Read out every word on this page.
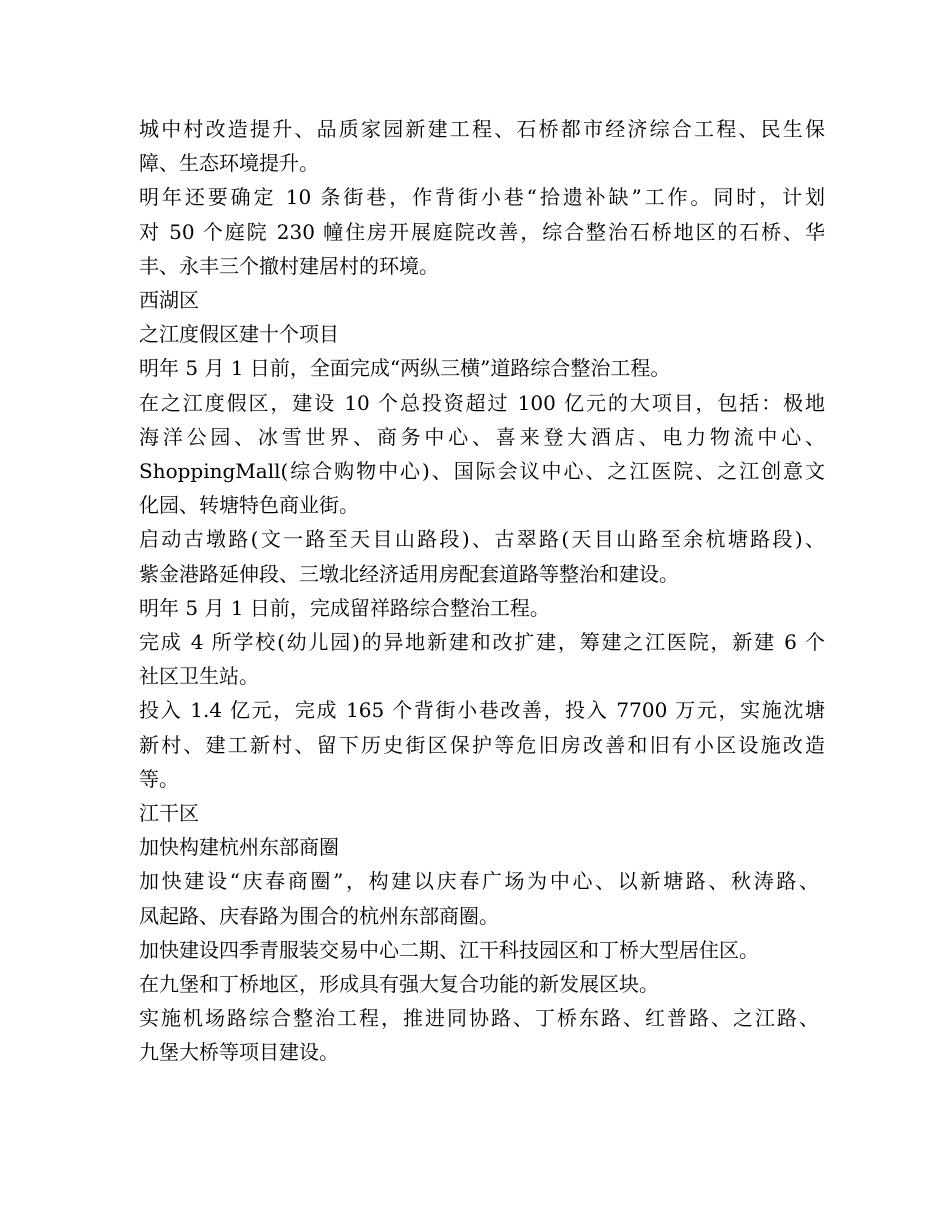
城中村改造提升、品质家园新建工程、石桥都市经济综合工程、民生保
障、生态环境提升。
明年还要确定 10 条街巷，作背街小巷“拾遗补缺”工作。同时，计划
对 50 个庭院 230 幢住房开展庭院改善，综合整治石桥地区的石桥、华
丰、永丰三个撤村建居村的环境。
西湖区
之江度假区建十个项目
明年 5 月 1 日前，全面完成“两纵三横”道路综合整治工程。
在之江度假区，建设 10 个总投资超过 100 亿元的大项目，包括：极地
海洋公园、冰雪世界、商务中心、喜来登大酒店、电力物流中心、
ShoppingMall(综合购物中心)、国际会议中心、之江医院、之江创意文
化园、转塘特色商业街。
启动古墩路(文一路至天目山路段)、古翠路(天目山路至余杭塘路段)、
紫金港路延伸段、三墩北经济适用房配套道路等整治和建设。
明年 5 月 1 日前，完成留祥路综合整治工程。
完成 4 所学校(幼儿园)的异地新建和改扩建，筹建之江医院，新建 6 个
社区卫生站。
投入 1.4 亿元，完成 165 个背街小巷改善，投入 7700 万元，实施沈塘
新村、建工新村、留下历史街区保护等危旧房改善和旧有小区设施改造
等。
江干区
加快构建杭州东部商圈
加快建设“庆春商圈”，构建以庆春广场为中心、以新塘路、秋涛路、
凤起路、庆春路为围合的杭州东部商圈。
加快建设四季青服装交易中心二期、江干科技园区和丁桥大型居住区。
在九堡和丁桥地区，形成具有强大复合功能的新发展区块。
实施机场路综合整治工程，推进同协路、丁桥东路、红普路、之江路、
九堡大桥等项目建设。
